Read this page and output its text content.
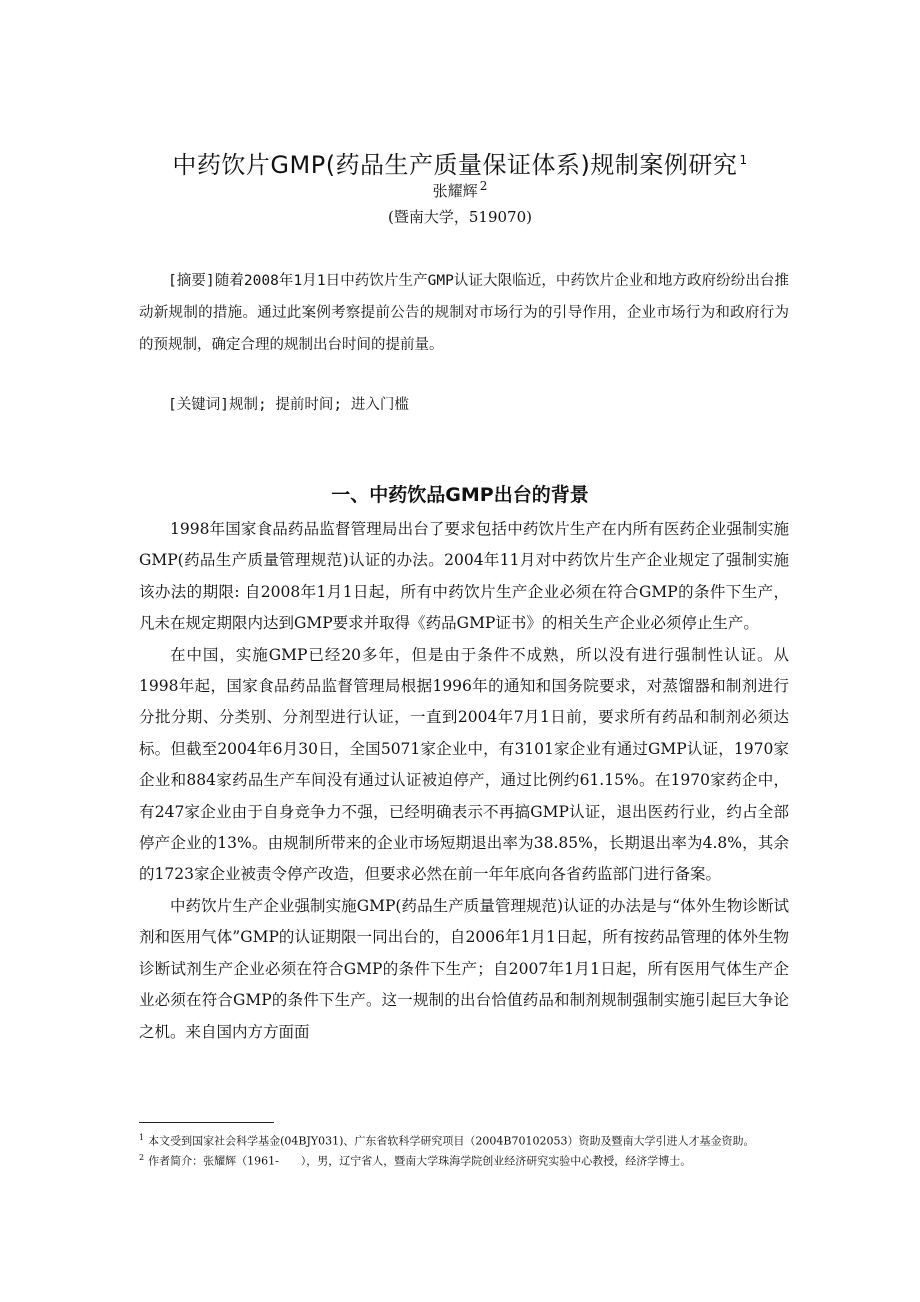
中药饮片GMP(药品生产质量保证体系)规制案例研究 $^1$
张耀辉 $^2$
(暨南大学，519070)

[摘要]随着2008年1月1日中药饮片生产GMP认证大限临近，中药饮片企业和地方政府纷纷出台推动新规制的措施。通过此案例考察提前公告的规制对市场行为的引导作用，企业市场行为和政府行为的预规制，确定合理的规制出台时间的提前量。

[关键词]规制; 提前时间; 进入门槛

一、中药饮品GMP出台的背景

1998年国家食品药品监督管理局出台了要求包括中药饮片生产在内所有医药企业强制实施GMP(药品生产质量管理规范)认证的办法。2004年11月对中药饮片生产企业规定了强制实施该办法的期限: 自2008年1月1日起，所有中药饮片生产企业必须在符合GMP的条件下生产，凡未在规定期限内达到GMP要求并取得《药品GMP证书》的相关生产企业必须停止生产。

在中国，实施GMP已经20多年，但是由于条件不成熟，所以没有进行强制性认证。从1998年起，国家食品药品监督管理局根据1996年的通知和国务院要求，对蒸馏器和制剂进行分批分期、分类别、分剂型进行认证，一直到2004年7月1日前，要求所有药品和制剂必须达标。但截至2004年6月30日，全国5071家企业中，有3101家企业有通过GMP认证，1970家企业和884家药品生产车间没有通过认证被迫停产，通过比例约61.15%。在1970家药企中，有247家企业由于自身竞争力不强，已经明确表示不再搞GMP认证，退出医药行业，约占全部停产企业的13%。由规制所带来的企业市场短期退出率为38.85%，长期退出率为4.8%，其余的1723家企业被责令停产改造，但要求必然在前一年年底向各省药监部门进行备案。

中药饮片生产企业强制实施GMP(药品生产质量管理规范)认证的办法是与“体外生物诊断试剂和医用气体”GMP的认证期限一同出台的，自2006年1月1日起，所有按药品管理的体外生物诊断试剂生产企业必须在符合GMP的条件下生产；自2007年1月1日起，所有医用气体生产企业必须在符合GMP的条件下生产。这一规制的出台恰值药品和制剂规制强制实施引起巨大争论之机。来自国内方方面面

$^1$ 本文受到国家社会科学基金(04BJY031)、广东省软科学研究项目（2004B70102053）资助及暨南大学引进人才基金资助。

$^2$ 作者简介：张耀辉（1961-　　），男，辽宁省人，暨南大学珠海学院创业经济研究实验中心教授，经济学博士。
